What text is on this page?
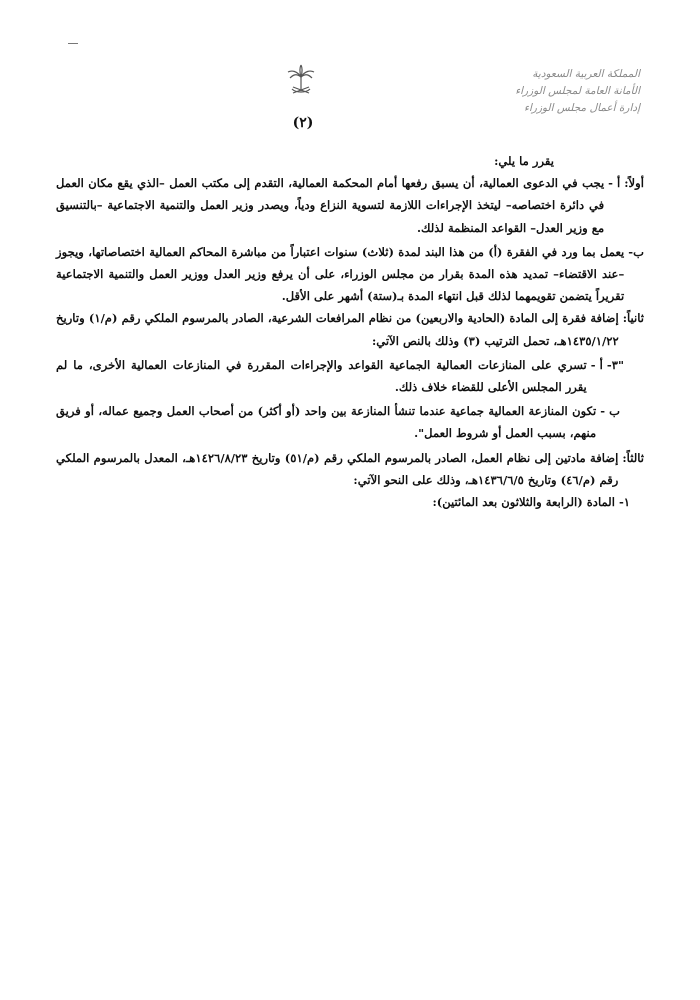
المملكة العربية السعودية
الأمانة العامة لمجلس الوزراء
إدارة أعمال مجلس الوزراء
(٢)

يقرر ما يلي:

أولاً: أ -
يجب في الدعوى العمالية، أن يسبق رفعها أمام المحكمة العمالية، التقدم إلى مكتب العمل –الذي يقع مكان العمل في دائرة اختصاصه– ليتخذ الإجراءات اللازمة لتسوية النزاع ودياً، ويصدر وزير العمل والتنمية الاجتماعية –بالتنسيق مع وزير العدل– القواعد المنظمة لذلك.
ب-
يعمل بما ورد في الفقرة (أ) من هذا البند لمدة (ثلاث) سنوات اعتباراً من مباشرة المحاكم العمالية اختصاصاتها، ويجوز –عند الاقتضاء– تمديد هذه المدة بقرار من مجلس الوزراء، على أن يرفع وزير العدل ووزير العمل والتنمية الاجتماعية تقريراً يتضمن تقويمهما لذلك قبل انتهاء المدة بـ(ستة) أشهر على الأقل.
ثانياً:
إضافة فقرة إلى المادة (الحادية والاربعين) من نظام المرافعات الشرعية، الصادر بالمرسوم الملكي رقم (م/١) وتاريخ ١٤٣٥/١/٢٢هـ، تحمل الترتيب (٣) وذلك بالنص الآتي:
"٣- أ -
تسري على المنازعات العمالية الجماعية القواعد والإجراءات المقررة في المنازعات العمالية الأخرى، ما لم يقرر المجلس الأعلى للقضاء خلاف ذلك.
ب -
تكون المنازعة العمالية جماعية عندما تنشأ المنازعة بين واحد (أو أكثر) من أصحاب العمل وجميع عماله، أو فريق منهم، بسبب العمل أو شروط العمل".
ثالثاً:
إضافة مادتين إلى نظام العمل، الصادر بالمرسوم الملكي رقم (م/٥١) وتاريخ ١٤٢٦/٨/٢٣هـ، المعدل بالمرسوم الملكي رقم (م/٤٦) وتاريخ ١٤٣٦/٦/٥هـ، وذلك على النحو الآتي:
١-
المادة (الرابعة والثلاثون بعد المائتين):
